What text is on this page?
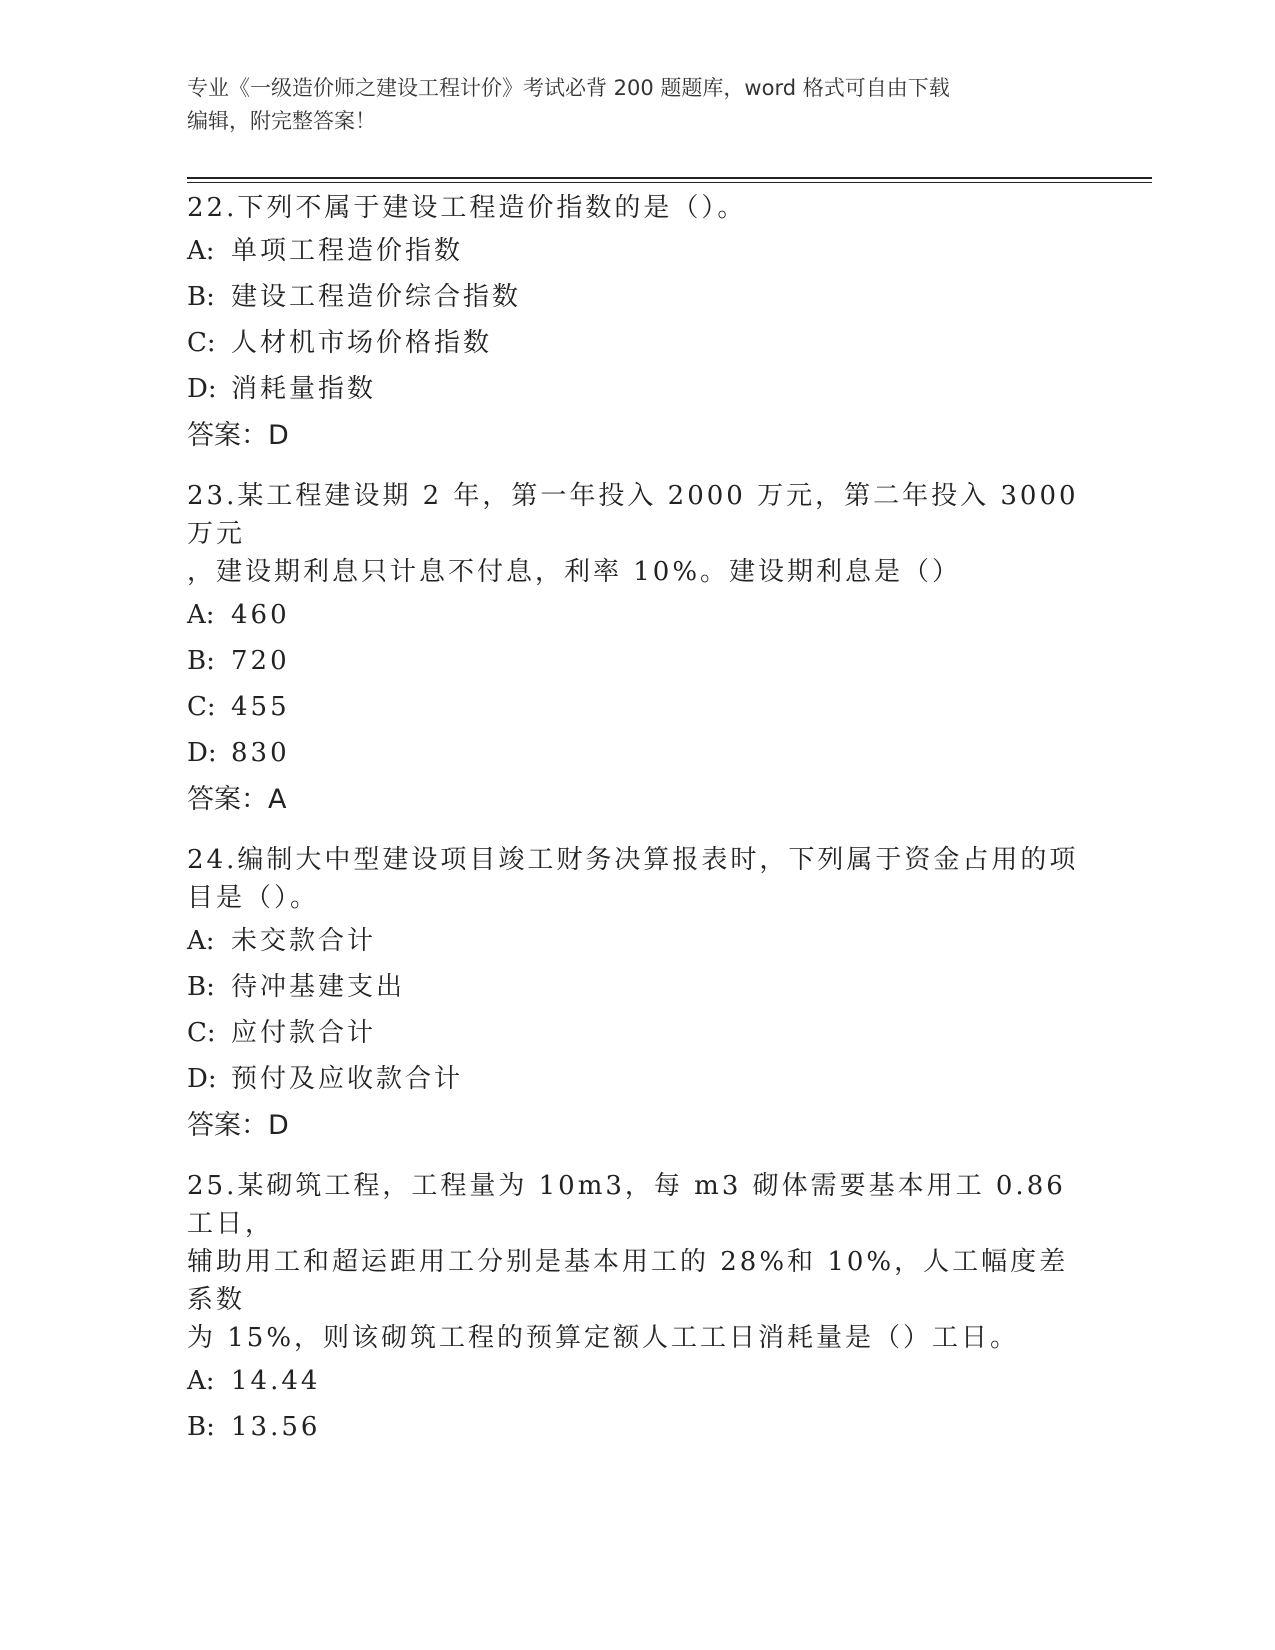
专业《一级造价师之建设工程计价》考试必背 200 题题库，word 格式可自由下载
编辑，附完整答案！
22.下列不属于建设工程造价指数的是（）。
A: 单项工程造价指数
B: 建设工程造价综合指数
C: 人材机市场价格指数
D: 消耗量指数
答案：D
23.某工程建设期 2 年，第一年投入 2000 万元，第二年投入 3000 万元
，建设期利息只计息不付息，利率 10%。建设期利息是（）
A: 460
B: 720
C: 455
D: 830
答案：A
24.编制大中型建设项目竣工财务决算报表时，下列属于资金占用的项
目是（）。
A: 未交款合计
B: 待冲基建支出
C: 应付款合计
D: 预付及应收款合计
答案：D
25.某砌筑工程，工程量为 10m3，每 m3 砌体需要基本用工 0.86 工日，
辅助用工和超运距用工分别是基本用工的 28%和 10%，人工幅度差系数
为 15%，则该砌筑工程的预算定额人工工日消耗量是（）工日。
A: 14.44
B: 13.56
